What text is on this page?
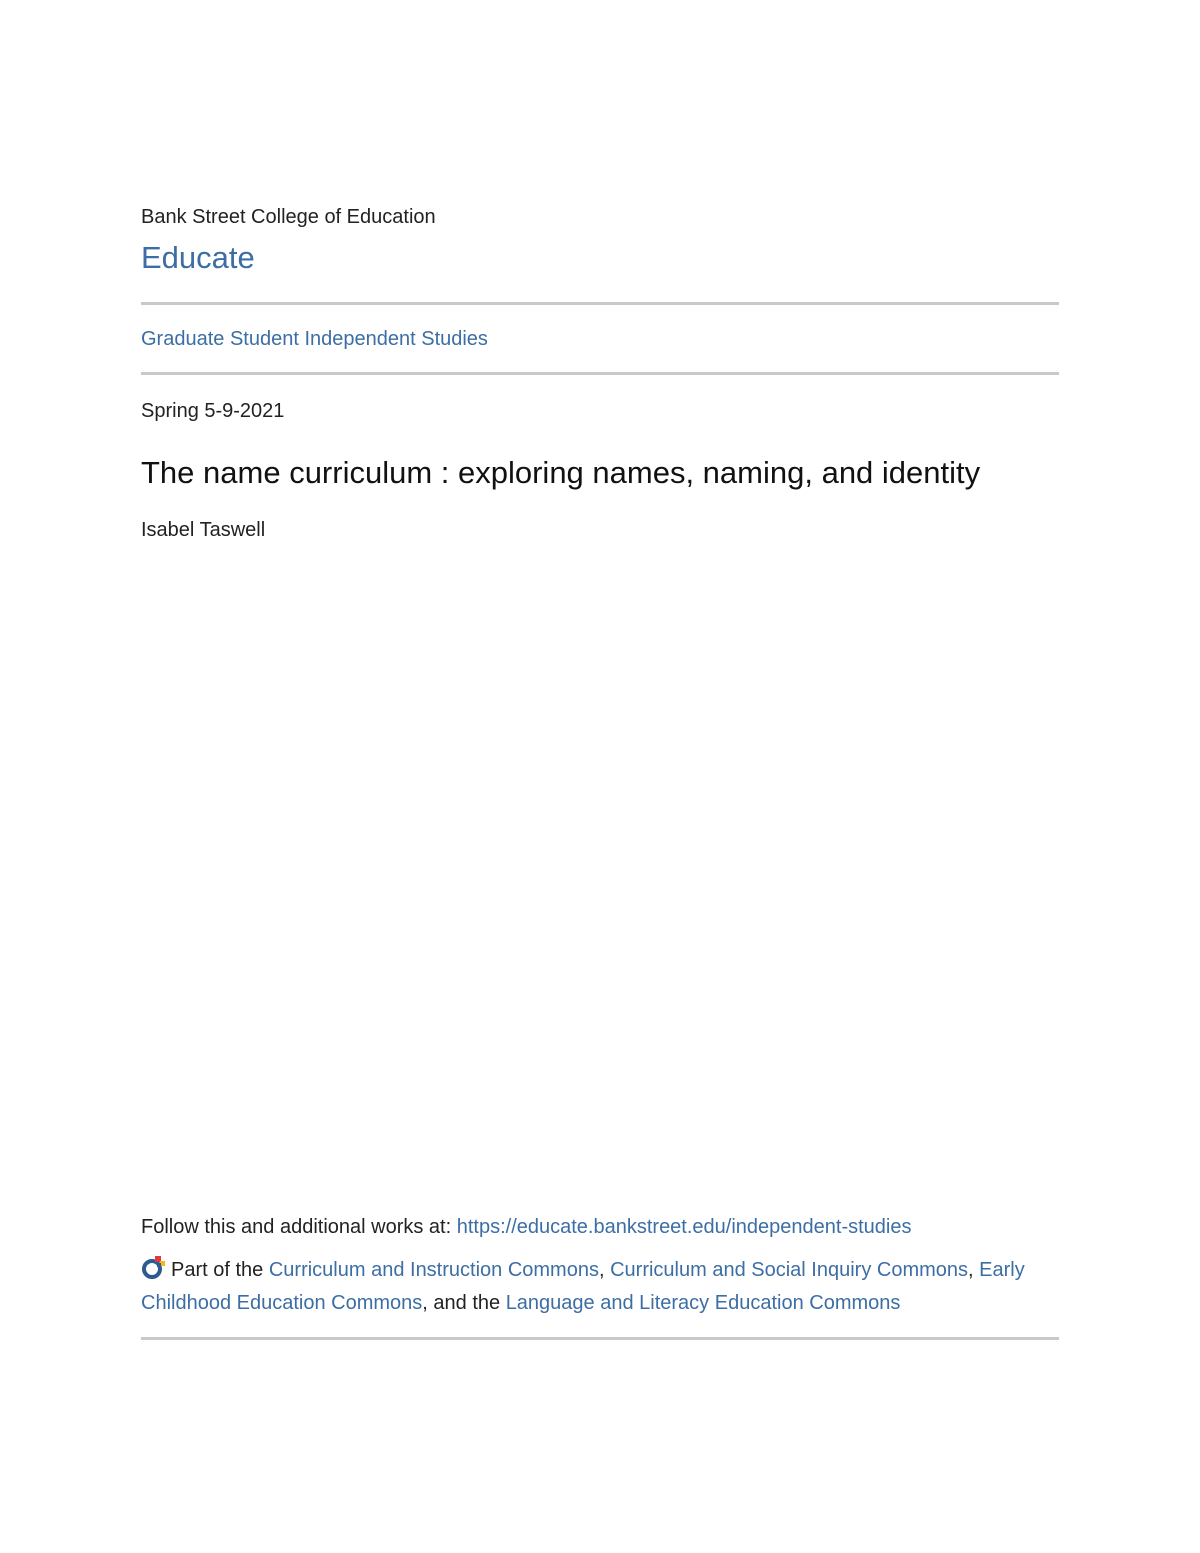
Bank Street College of Education
Educate
Graduate Student Independent Studies
Spring 5-9-2021
The name curriculum : exploring names, naming, and identity
Isabel Taswell
Follow this and additional works at: https://educate.bankstreet.edu/independent-studies
Part of the Curriculum and Instruction Commons, Curriculum and Social Inquiry Commons, Early Childhood Education Commons, and the Language and Literacy Education Commons
